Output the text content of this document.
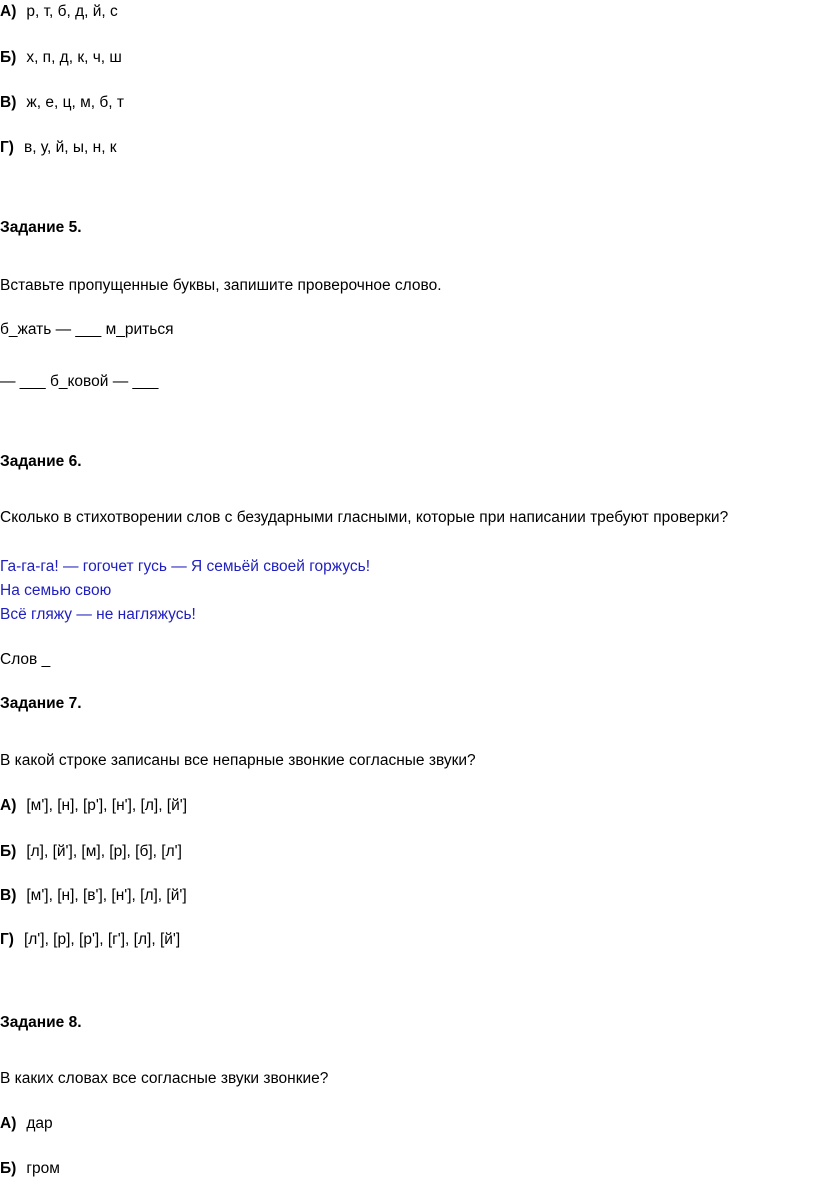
А) р, т, б, д, й, с
Б) х, п, д, к, ч, ш
В) ж, е, ц, м, б, т
Г) в, у, й, ы, н, к
Задание 5.
Вставьте пропущенные буквы, запишите проверочное слово.
б_жать — ___ м_риться
— ___ б_ковой — ___
Задание 6.
Сколько в стихотворении слов с безударными гласными, которые при написании требуют проверки?
Га-га-га! — гогочет гусь — Я семьёй своей горжусь!
На семью свою
Всё гляжу — не нагляжусь!
Слов _
Задание 7.
В какой строке записаны все непарные звонкие согласные звуки?
А) [м'], [н], [р'], [н'], [л], [й']
Б) [л], [й'], [м], [р], [б], [л']
В) [м'], [н], [в'], [н'], [л], [й']
Г) [л'], [р], [р'], [г'], [л], [й']
Задание 8.
В каких словах все согласные звуки звонкие?
А) дар
Б) гром
